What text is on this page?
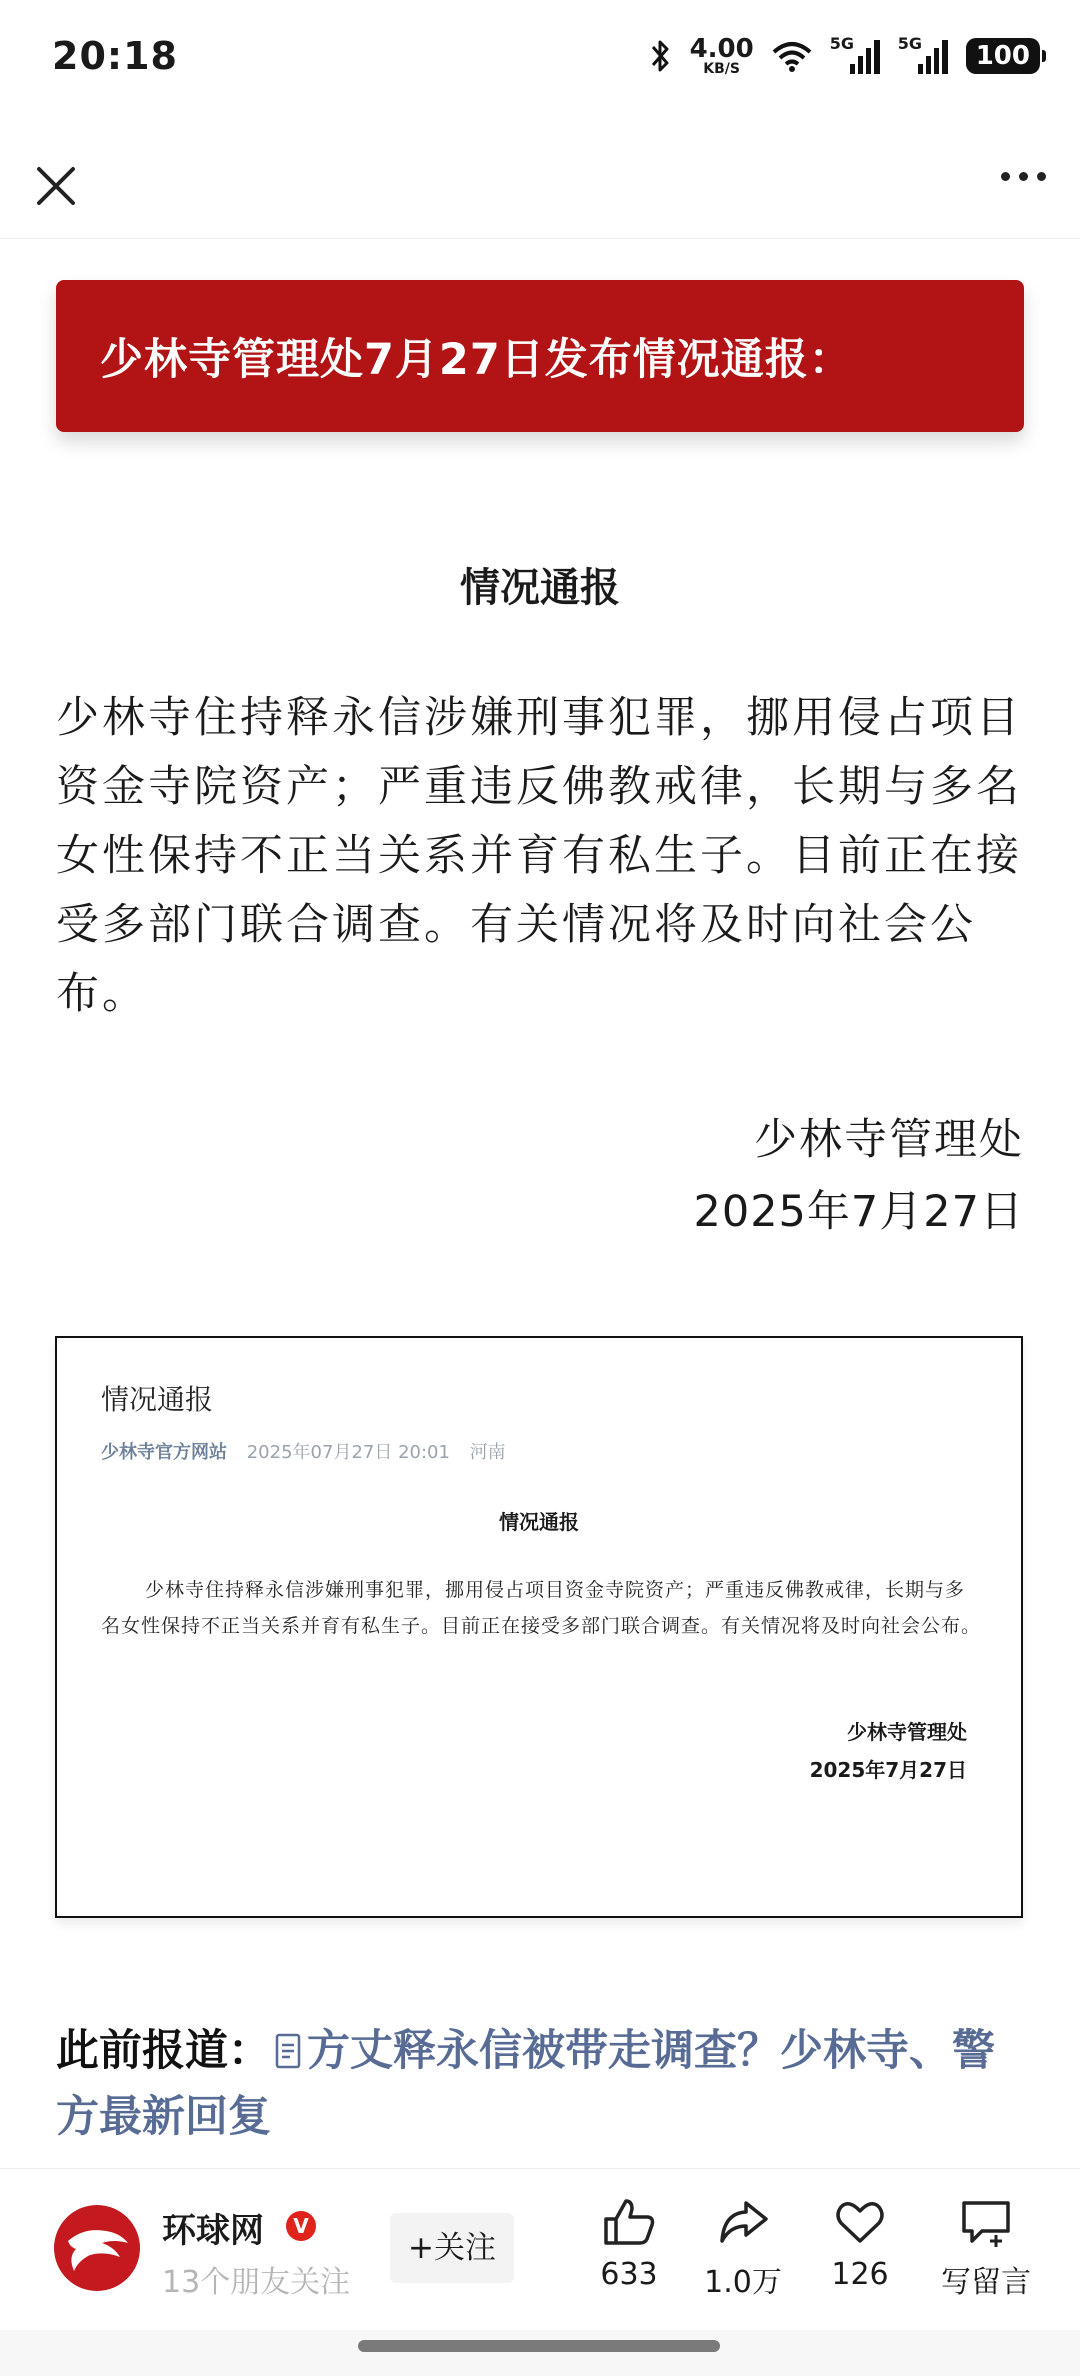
20:18	4.00
KB/S
5G	5G	100
少林寺管理处7月27日发布情况通报：
情况通报
少林寺住持释永信涉嫌刑事犯罪，挪用侵占项目资金寺院资产；严重违反佛教戒律，长期与多名女性保持不正当关系并育有私生子。目前正在接受多部门联合调查。有关情况将及时向社会公布。
少林寺管理处
2025年7月27日
情况通报
少林寺官方网站 2025年07月27日 20:01 河南
情况通报
少林寺住持释永信涉嫌刑事犯罪，挪用侵占项目资金寺院资产；严重违反佛教戒律，长期与多名女性保持不正当关系并育有私生子。目前正在接受多部门联合调查。有关情况将及时向社会公布。
少林寺管理处
2025年7月27日
此前报道： 方丈释永信被带走调查？少林寺、警方最新回复
环球网	V
13个朋友关注
+关注
633	1.0万	126	写留言
